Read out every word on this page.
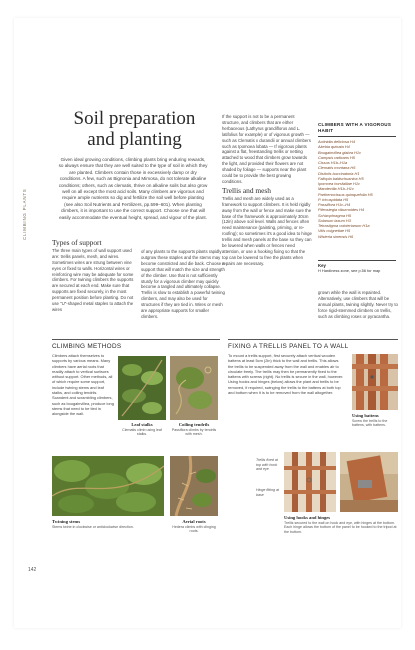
CLIMBING PLANTS
Soil preparation
and planting
Given ideal growing conditions, climbing plants bring enduring rewards, so always ensure that they are well suited to the type of soil in which they are planted. Climbers contain those in excessively damp or dry conditions. A few, such as Bignonia and Mimosa, do not tolerate alkaline conditions; others, such as clematis, thrive on alkaline soils but also grow well on all except the most acid soils. Many climbers are vigorous and require ample nutrients so dig and fertilize the soil well before planting (see also Soil Nutrients and Fertilizers, pp.599–601). When planting climbers, it is important to use the correct support. Choose one that will easily accommodate the eventual height, spread, and vigour of the plant.
If the support is not to be a permanent structure, and climbers that are either herbaceous (Lathyrus grandiflorus and L. latifolius for example) or of vigorous growth — such as Clematis x durandii or annual climbers such as Ipomoea lobata — If vigorous plants against a flat, freestanding trellis or netting attached to wood that climbers grow towards the light, and provided their flowers are not shaded by foliage — supports near the plant could be to provide the best growing conditions.
Trellis and mesh
Trellis and mesh are widely used as a framework to support climbers. It is held rigidly away from the wall or fence and make sure the base of the framework is approximately 30cm (12in) above soil level. Walls and fences often need maintenance (painting, priming, or re-roofing); so sometimes it's a good idea to hinge trellis and mesh panels at the base so they can be lowered when walls or fences need attention, or use a hooking fixing so that the top can be lowered to free the plants when repairs are necessary.
CLIMBERS WITH A VIGOROUS HABIT
Actinidia deliciosa H4
Akebia quinata H4
Bougainvillea glabra H1c
Campsis radicans H5
Cissus H1b–H1a
Clematis montana H6
Distictis buccinatoria H1
Fallopia baldschuanica H5
Ipomoea horsfalliae H1c
Mandevilla H1b–H1c
Parthenocissus quinquefolia H5
P. tricuspidata H5
Passiflora H1c–H4
Pileostegia viburnoides H4
Schizophragma H5
Solanum laxum H3
Tetrastigma voinierianum H1a
Vitis coignetiae H5
Wisteria sinensis H6
Key
H Hardiness zone, see p.56 for map
Types of support
The three main types of wall support used are: trellis panels, mesh, and wires. Sometimes wires are strung between vine eyes or fixed to walls. Horizontal wires or reinforcing wire may be adequate for some climbers. For twining climbers the supports are secured at each end. Make sure that supports are fixed securely, in the most permanent position before planting. Do not use "U"-shaped metal staples to attach the wires
of any plants to the supports plants rapidly outgrow these staples and the stems may become constricted and die back. Choose a support that will match the size and strength of the climber. Use that is not sufficiently sturdy for a vigorous climber may quickly become a tangled and ultimately collapse. Trellis is slow to establish a powerful twining climbers, and may also be used for structures if they are tied in. Wires or mesh are appropriate supports for smaller climbers.
grown while the wall is repainted. Alternatively, use climbers that will be annual plants, twining slightly. Never try to force rigid-stemmed climbers on trellis, such as climbing roses or pyracantha.
CLIMBING METHODS	FIXING A TRELLIS PANEL TO A WALL
Climbers attach themselves to supports by various means. Many climbers have aerial roots that readily attach to vertical surfaces without support. Other methods, all of which require some support, include twining stems and leaf stalks, and coiling tendrils. Scandent and scrambling climbers, such as bougainvillea, produce long stems that need to be tied in alongside the wall.
Leaf stalks
Clematis climb using leaf stalks.
Coiling tendrils
Passiflora climbs by tendrils with mesh.
Twining stems
Stems twine in clockwise or anticlockwise direction.
Aerial roots
Hedera climbs with clinging roots.
To mount a trellis support, first securely attach vertical wooden battens at least 5cm (2in) thick to the wall and trellis. This allows the trellis to be suspended away from the wall and enables air to circulate freely. The trellis may then be permanently fixed to the battens with screws (right). No trellis is secure in the wall, however. Using hooks and hinges (below) allows the plant and trellis to be removed, if required, swinging the trellis to the battens at both top and bottom when it is to be removed from the wall altogether.
Using battens
Screw the trellis to the battens, with battens.
Trellis fixed at top with hook and eye
Hinge fitting at base
Using hooks and hinges
Trellis secured to the wall on hook and eye, with hinges at the bottom. Each hinge allows the bottom of the panel to be hooked to the tripod at the bottom.
142
